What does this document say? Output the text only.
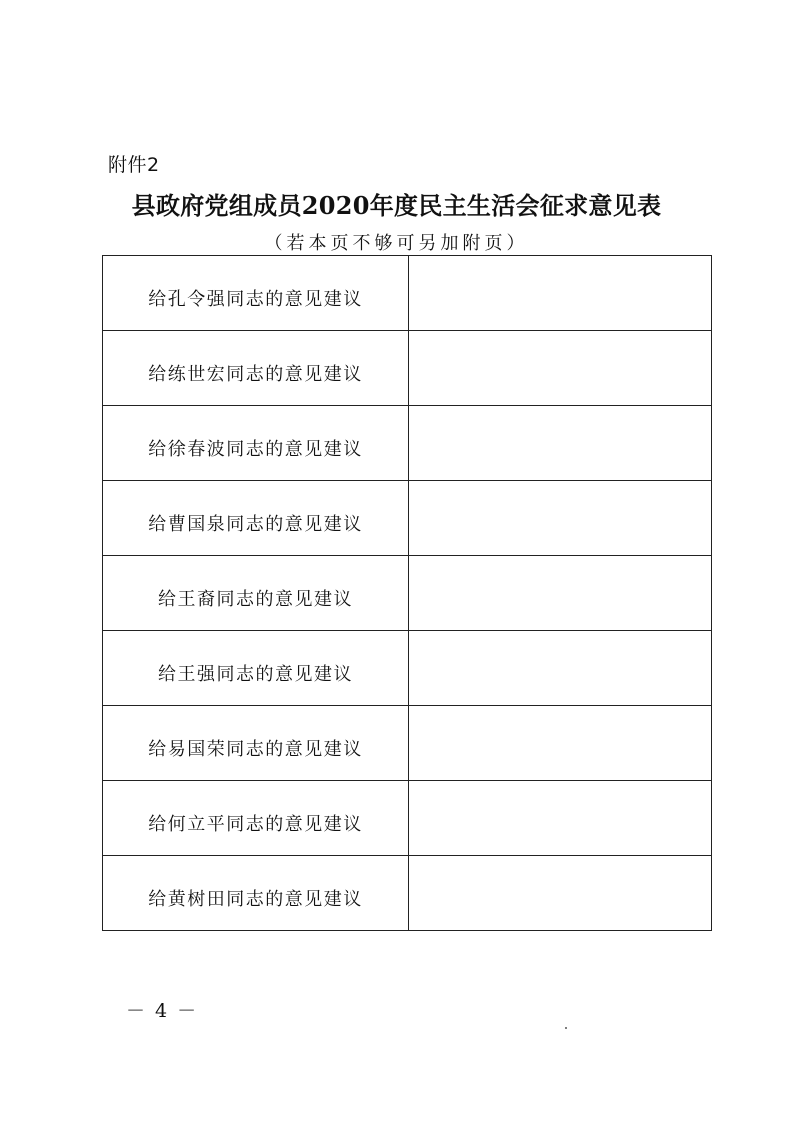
附件2
县政府党组成员2020年度民主生活会征求意见表
（若本页不够可另加附页）
给孔令强同志的意见建议	
给练世宏同志的意见建议	
给徐春波同志的意见建议	
给曹国泉同志的意见建议	
给王裔同志的意见建议	
给王强同志的意见建议	
给易国荣同志的意见建议	
给何立平同志的意见建议	
给黄树田同志的意见建议	
－ 4 －
